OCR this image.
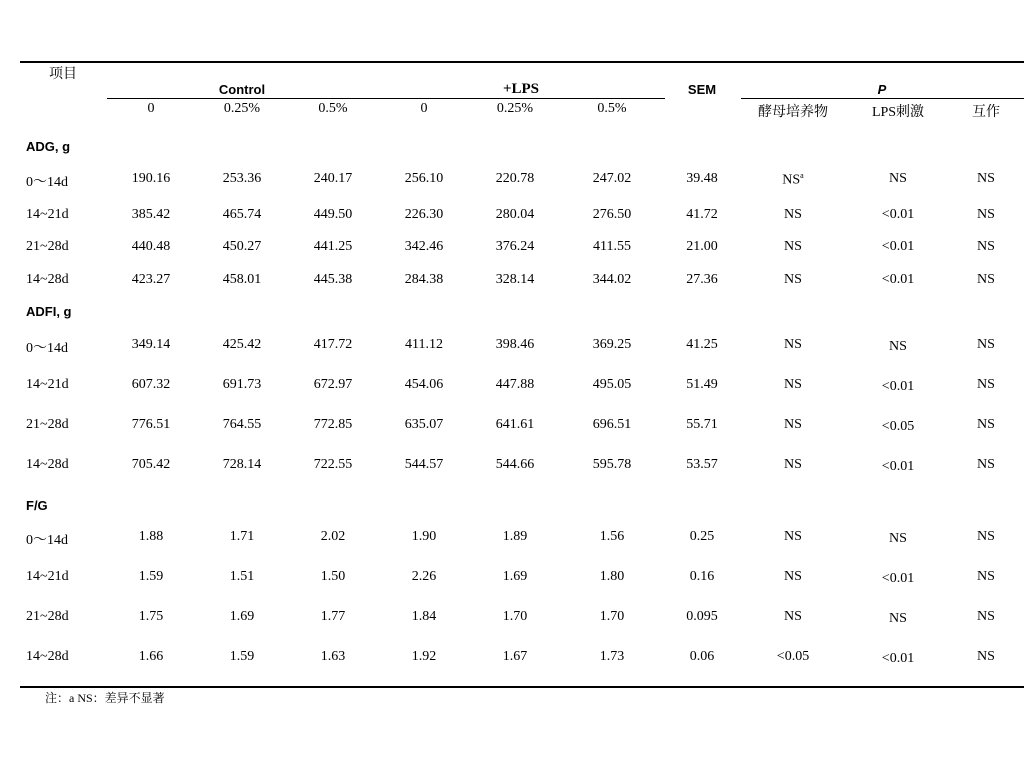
项目
Control	+LPS	SEM	P
0	0.25%	0.5%	0	0.25%	0.5%	酵母培养物	LPS刺激	互作
ADG, g
0～14d	190.16	253.36	240.17	256.10	220.78	247.02	39.48	$NS^a$	NS	NS
14~21d	385.42	465.74	449.50	226.30	280.04	276.50	41.72	NS	<0.01	NS
21~28d	440.48	450.27	441.25	342.46	376.24	411.55	21.00	NS	<0.01	NS
14~28d	423.27	458.01	445.38	284.38	328.14	344.02	27.36	NS	<0.01	NS
ADFI, g
0～14d	349.14	425.42	417.72	411.12	398.46	369.25	41.25	NS	NS	NS
14~21d	607.32	691.73	672.97	454.06	447.88	495.05	51.49	NS	<0.01	NS
21~28d	776.51	764.55	772.85	635.07	641.61	696.51	55.71	NS	<0.05	NS
14~28d	705.42	728.14	722.55	544.57	544.66	595.78	53.57	NS	<0.01	NS
F/G
0～14d	1.88	1.71	2.02	1.90	1.89	1.56	0.25	NS	NS	NS
14~21d	1.59	1.51	1.50	2.26	1.69	1.80	0.16	NS	<0.01	NS
21~28d	1.75	1.69	1.77	1.84	1.70	1.70	0.095	NS	NS	NS
14~28d	1.66	1.59	1.63	1.92	1.67	1.73	0.06	<0.05	<0.01	NS
注：a NS：差异不显著
